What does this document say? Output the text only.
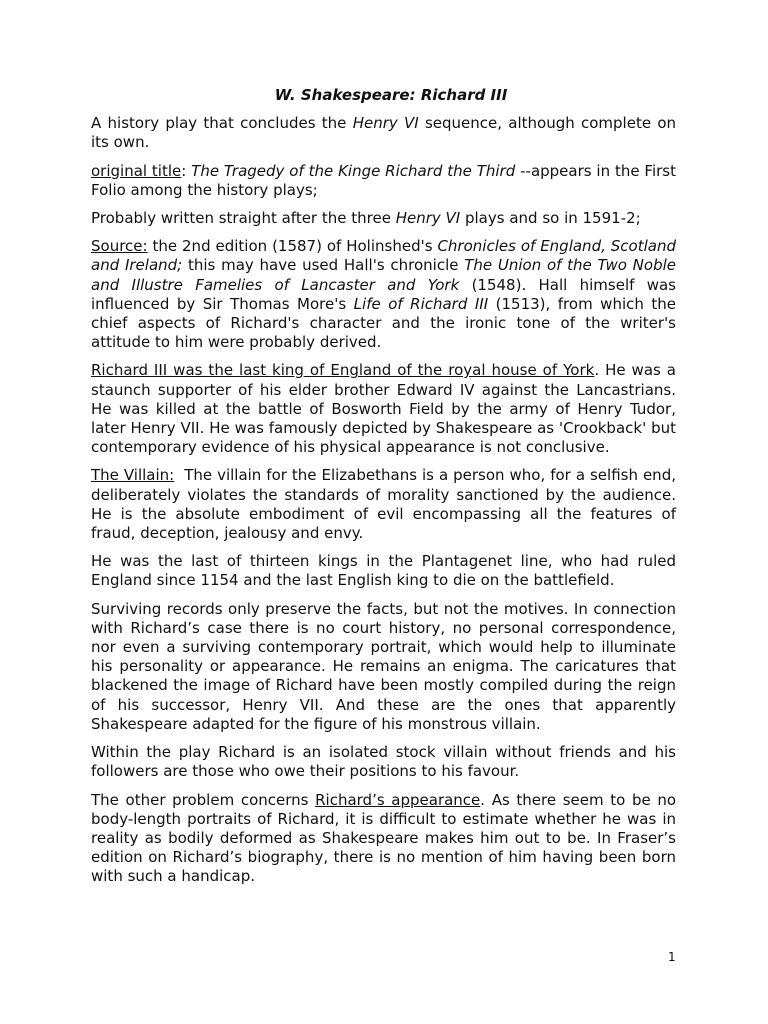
W. Shakespeare: Richard III

A history play that concludes the Henry VI sequence, although complete on its own.

original title: The Tragedy of the Kinge Richard the Third --appears in the First Folio among the history plays;

Probably written straight after the three Henry VI plays and so in 1591-2;

Source: the 2nd edition (1587) of Holinshed's Chronicles of England, Scotland and Ireland; this may have used Hall's chronicle The Union of the Two Noble and Illustre Famelies of Lancaster and York (1548). Hall himself was influenced by Sir Thomas More's Life of Richard III (1513), from which the chief aspects of Richard's character and the ironic tone of the writer's attitude to him were probably derived.

Richard III was the last king of England of the royal house of York. He was a staunch supporter of his elder brother Edward IV against the Lancastrians. He was killed at the battle of Bosworth Field by the army of Henry Tudor, later Henry VII. He was famously depicted by Shakespeare as 'Crookback' but contemporary evidence of his physical appearance is not conclusive.

The Villain:  The villain for the Elizabethans is a person who, for a selfish end, deliberately violates the standards of morality sanctioned by the audience.  He is the absolute embodiment of evil encompassing all the features of fraud, deception, jealousy and envy.

He was the last of thirteen kings in the Plantagenet line, who had ruled England since 1154 and the last English king to die on the battlefield.

Surviving records only preserve the facts, but not the motives. In connection with Richard’s case there is no court history, no personal correspondence, nor even a surviving contemporary portrait, which would help to illuminate his personality or appearance. He remains an enigma. The caricatures that blackened the image of Richard have been mostly compiled during the reign of his successor, Henry VII. And these are the ones that apparently Shakespeare adapted for the figure of his monstrous villain.

Within the play Richard is an isolated stock villain without friends and his followers are those who owe their positions to his favour.

The other problem concerns Richard’s appearance. As there seem to be no body-length portraits of Richard, it is difficult to estimate whether he was in reality as bodily deformed as Shakespeare makes him out to be. In Fraser’s edition on Richard’s biography, there is no mention of him having been born with such a handicap.

1
